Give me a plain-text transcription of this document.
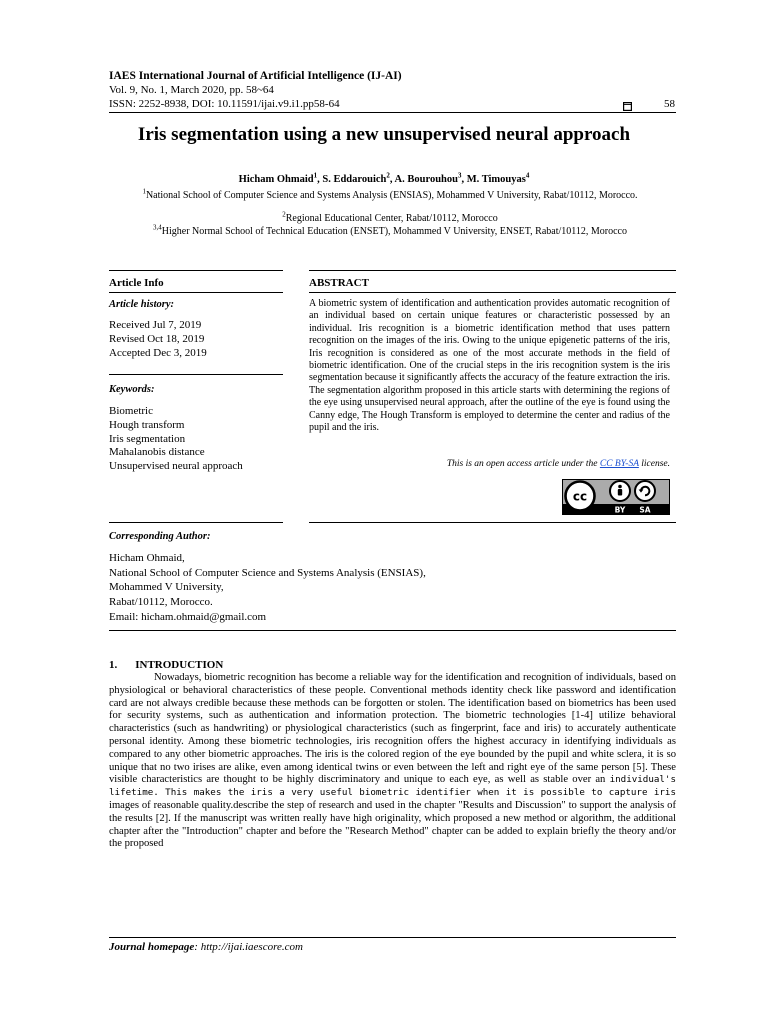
IAES International Journal of Artificial Intelligence (IJ-AI)
Vol. 9, No. 1, March 2020, pp. 58~64
ISSN: 2252-8938, DOI: 10.11591/ijai.v9.i1.pp58-64	58
Iris segmentation using a new unsupervised neural approach
Hicham Ohmaid$^1$, S. Eddarouich$^2$, A. Bourouhou$^3$, M. Timouyas$^4$
$^1$National School of Computer Science and Systems Analysis (ENSIAS), Mohammed V University, Rabat/10112, Morocco.
$^2$Regional Educational Center, Rabat/10112, Morocco
$^{3,4}$Higher Normal School of Technical Education (ENSET), Mohammed V University, ENSET, Rabat/10112, Morocco
Article Info	ABSTRACT
Article history:
Received Jul 7, 2019
Revised Oct 18, 2019
Accepted Dec 3, 2019
Keywords:
Biometric
Hough transform
Iris segmentation
Mahalanobis distance
Unsupervised neural approach
A biometric system of identification and authentication provides automatic recognition of an individual based on certain unique features or characteristic possessed by an individual. Iris recognition is a biometric identification method that uses pattern recognition on the images of the iris. Owing to the unique epigenetic patterns of the iris, Iris recognition is considered as one of the most accurate methods in the field of biometric identification. One of the crucial steps in the iris recognition system is the iris segmentation because it significantly affects the accuracy of the feature extraction the iris. The segmentation algorithm proposed in this article starts with determining the regions of the eye using unsupervised neural approach, after the outline of the eye is found using the Canny edge, The Hough Transform is employed to determine the center and radius of the pupil and the iris.
This is an open access article under the CC BY-SA license.
cc
BY SA
Corresponding Author:
Hicham Ohmaid,
National School of Computer Science and Systems Analysis (ENSIAS),
Mohammed V University,
Rabat/10112, Morocco.
Email: hicham.ohmaid@gmail.com
1. INTRODUCTION
Nowadays, biometric recognition has become a reliable way for the identification and recognition of individuals, based on physiological or behavioral characteristics of these people. Conventional methods identity check like password and identification card are not always credible because these methods can be forgotten or stolen. The identification based on biometrics has been used for security systems, such as authentication and information protection. The biometric technologies [1-4] utilize behavioral characteristics (such as handwriting) or physiological characteristics (such as fingerprint, face and iris) to accurately authenticate personal identity. Among these biometric technologies, iris recognition offers the highest accuracy in identifying individuals as compared to any other biometric approaches. The iris is the colored region of the eye bounded by the pupil and white sclera, it is so unique that no two irises are alike, even among identical twins or even between the left and right eye of the same person [5]. These visible characteristics are thought to be highly discriminatory and unique to each eye, as well as stable over an individual's lifetime. This makes the iris a very useful biometric identifier when it is possible to capture iris images of reasonable quality.describe the step of research and used in the chapter "Results and Discussion" to support the analysis of the results [2]. If the manuscript was written really have high originality, which proposed a new method or algorithm, the additional chapter after the "Introduction" chapter and before the "Research Method" chapter can be added to explain briefly the theory and/or the proposed
Journal homepage: http://ijai.iaescore.com
